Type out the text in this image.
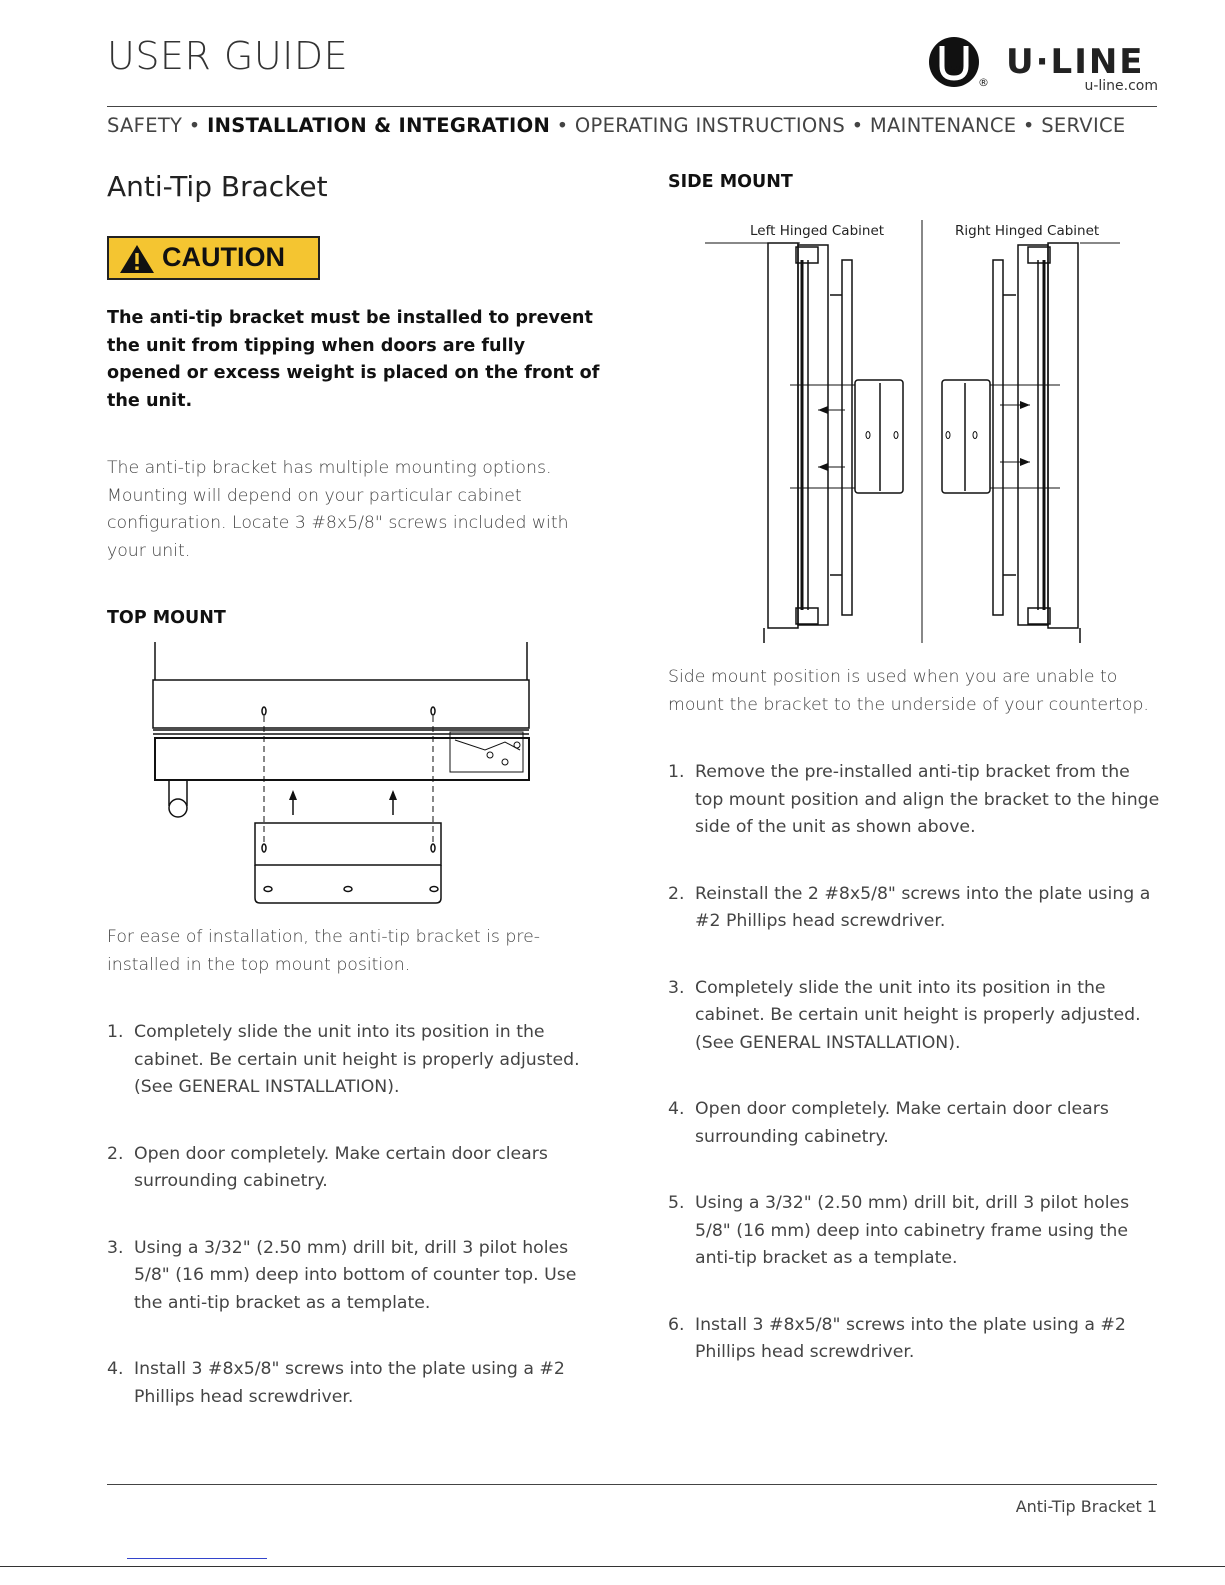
USER GUIDE
®
U·LINE
u-line.com
SAFETY • INSTALLATION & INTEGRATION • OPERATING INSTRUCTIONS • MAINTENANCE • SERVICE
Anti-Tip Bracket
CAUTION
The anti-tip bracket must be installed to prevent the unit from tipping when doors are fully opened or excess weight is placed on the front of the unit.
The anti-tip bracket has multiple mounting options. Mounting will depend on your particular cabinet configuration. Locate 3 #8x5/8" screws included with your unit.
TOP MOUNT
For ease of installation, the anti-tip bracket is pre-installed in the top mount position.
1. Completely slide the unit into its position in the cabinet. Be certain unit height is properly adjusted. (See GENERAL INSTALLATION).
2. Open door completely. Make certain door clears surrounding cabinetry.
3. Using a 3/32" (2.50 mm) drill bit, drill 3 pilot holes 5/8" (16 mm) deep into bottom of counter top. Use the anti-tip bracket as a template.
4. Install 3 #8x5/8" screws into the plate using a #2 Phillips head screwdriver.
SIDE MOUNT
Left Hinged Cabinet	Right Hinged Cabinet
Side mount position is used when you are unable to mount the bracket to the underside of your countertop.
1. Remove the pre-installed anti-tip bracket from the top mount position and align the bracket to the hinge side of the unit as shown above.
2. Reinstall the 2 #8x5/8" screws into the plate using a #2 Phillips head screwdriver.
3. Completely slide the unit into its position in the cabinet. Be certain unit height is properly adjusted. (See GENERAL INSTALLATION).
4. Open door completely. Make certain door clears surrounding cabinetry.
5. Using a 3/32" (2.50 mm) drill bit, drill 3 pilot holes 5/8" (16 mm) deep into cabinetry frame using the anti-tip bracket as a template.
6. Install 3 #8x5/8" screws into the plate using a #2 Phillips head screwdriver.
Anti-Tip Bracket 1
